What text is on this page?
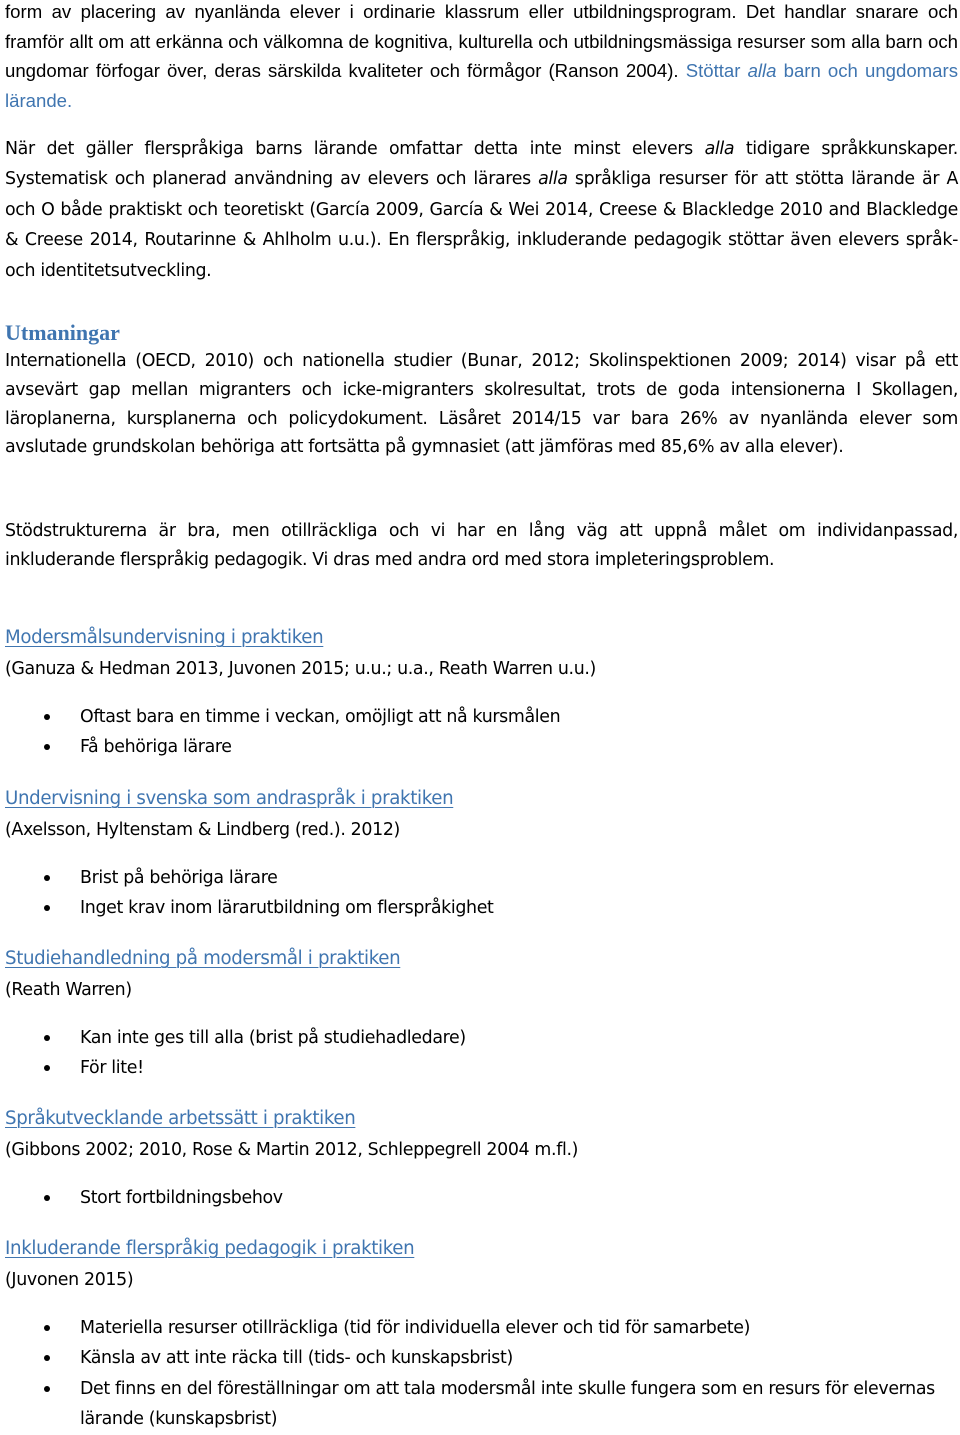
form av placering av nyanlända elever i ordinarie klassrum eller utbildningsprogram. Det handlar snarare och framför allt om att erkänna och välkomna de kognitiva, kulturella och utbildningsmässiga resurser som alla barn och ungdomar förfogar över, deras särskilda kvaliteter och förmågor (Ranson 2004). Stöttar alla barn och ungdomars lärande.

När det gäller flerspråkiga barns lärande omfattar detta inte minst elevers alla tidigare språkkunskaper. Systematisk och planerad användning av elevers och lärares alla språkliga resurser för att stötta lärande är A och O både praktiskt och teoretiskt (García 2009, García & Wei 2014, Creese & Blackledge 2010 and Blackledge & Creese 2014, Routarinne & Ahlholm u.u.). En flerspråkig, inkluderande pedagogik stöttar även elevers språk- och identitetsutveckling.

Utmaningar

Internationella (OECD, 2010) och nationella studier (Bunar, 2012; Skolinspektionen 2009; 2014) visar på ett avsevärt gap mellan migranters och icke-migranters skolresultat, trots de goda intensionerna I Skollagen, läroplanerna, kursplanerna och policydokument. Läsåret 2014/15 var bara 26% av nyanlända elever som avslutade grundskolan behöriga att fortsätta på gymnasiet (att jämföras med 85,6% av alla elever).

Stödstrukturerna är bra, men otillräckliga och vi har en lång väg att uppnå målet om individanpassad, inkluderande flerspråkig pedagogik. Vi dras med andra ord med stora impleteringsproblem.

Modersmålsundervisning i praktiken

(Ganuza & Hedman 2013, Juvonen 2015; u.u.; u.a., Reath Warren u.u.)

Oftast bara en timme i veckan, omöjligt att nå kursmålen
Få behöriga lärare

Undervisning i svenska som andraspråk i praktiken

(Axelsson, Hyltenstam & Lindberg (red.). 2012)

Brist på behöriga lärare
Inget krav inom lärarutbildning om flerspråkighet

Studiehandledning på modersmål i praktiken

(Reath Warren)

Kan inte ges till alla (brist på studiehadledare)
För lite!

Språkutvecklande arbetssätt i praktiken

(Gibbons 2002; 2010, Rose & Martin 2012, Schleppegrell 2004 m.fl.)

Stort fortbildningsbehov

Inkluderande flerspråkig pedagogik i praktiken

(Juvonen 2015)

Materiella resurser otillräckliga (tid för individuella elever och tid för samarbete)
Känsla av att inte räcka till (tids- och kunskapsbrist)
Det finns en del föreställningar om att tala modersmål inte skulle fungera som en resurs för elevernas lärande (kunskapsbrist)
